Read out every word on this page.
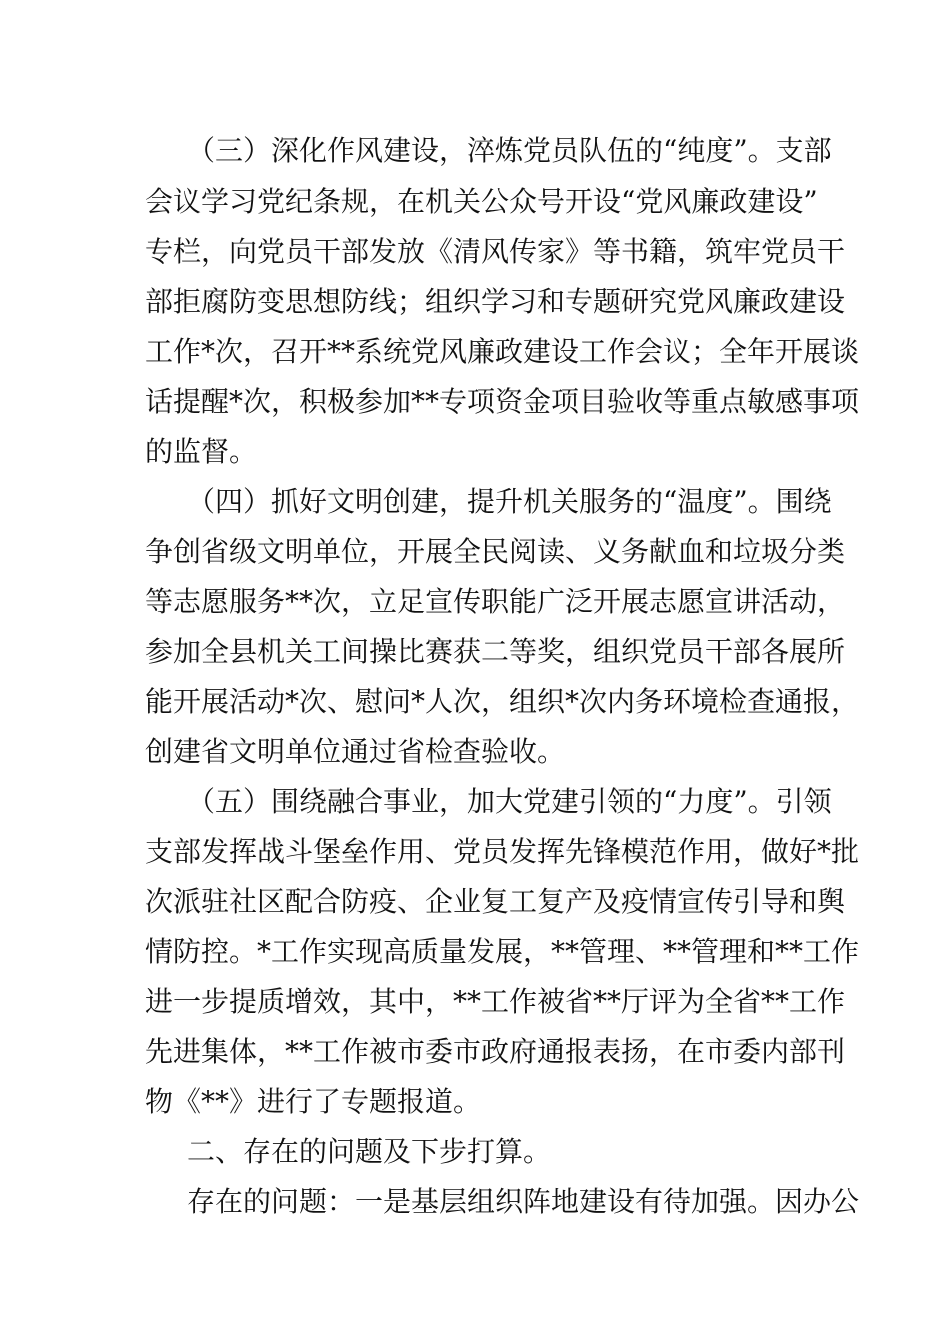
（三）深化作风建设，淬炼党员队伍的“纯度”。支部
会议学习党纪条规，在机关公众号开设“党风廉政建设”
专栏，向党员干部发放《清风传家》等书籍，筑牢党员干
部拒腐防变思想防线；组织学习和专题研究党风廉政建设
工作*次，召开**系统党风廉政建设工作会议；全年开展谈
话提醒*次，积极参加**专项资金项目验收等重点敏感事项
的监督。
（四）抓好文明创建，提升机关服务的“温度”。围绕
争创省级文明单位，开展全民阅读、义务献血和垃圾分类
等志愿服务**次，立足宣传职能广泛开展志愿宣讲活动，
参加全县机关工间操比赛获二等奖，组织党员干部各展所
能开展活动*次、慰问*人次，组织*次内务环境检查通报，
创建省文明单位通过省检查验收。
（五）围绕融合事业，加大党建引领的“力度”。引领
支部发挥战斗堡垒作用、党员发挥先锋模范作用，做好*批
次派驻社区配合防疫、企业复工复产及疫情宣传引导和舆
情防控。*工作实现高质量发展，**管理、**管理和**工作
进一步提质增效，其中，**工作被省**厅评为全省**工作
先进集体，**工作被市委市政府通报表扬，在市委内部刊
物《**》进行了专题报道。
二、存在的问题及下步打算。
存在的问题：一是基层组织阵地建设有待加强。因办公
